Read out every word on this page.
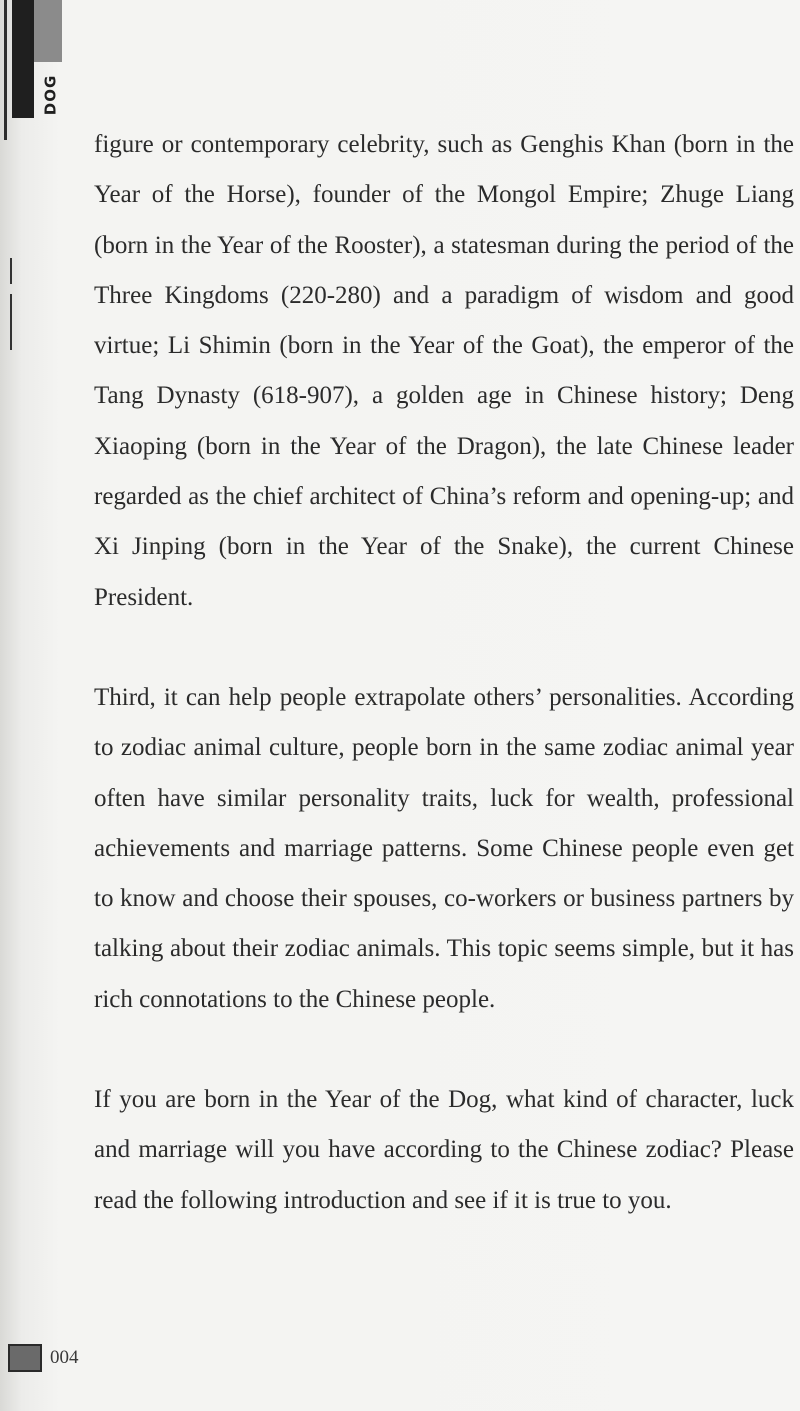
DOG

figure or contemporary celebrity, such as Genghis Khan (born in the Year of the Horse), founder of the Mongol Empire; Zhuge Liang (born in the Year of the Rooster), a statesman during the period of the Three Kingdoms (220-280) and a paradigm of wisdom and good virtue; Li Shimin (born in the Year of the Goat), the emperor of the Tang Dynasty (618-907), a golden age in Chinese history; Deng Xiaoping (born in the Year of the Dragon), the late Chinese leader regarded as the chief architect of China’s reform and opening-up; and Xi Jinping (born in the Year of the Snake), the current Chinese President.

Third, it can help people extrapolate others’ personalities. According to zodiac animal culture, people born in the same zodiac animal year often have similar personality traits, luck for wealth, professional achievements and marriage patterns. Some Chinese people even get to know and choose their spouses, co-workers or business partners by talking about their zodiac animals. This topic seems simple, but it has rich connotations to the Chinese people.

If you are born in the Year of the Dog, what kind of character, luck and marriage will you have according to the Chinese zodiac? Please read the following introduction and see if it is true to you.

004
